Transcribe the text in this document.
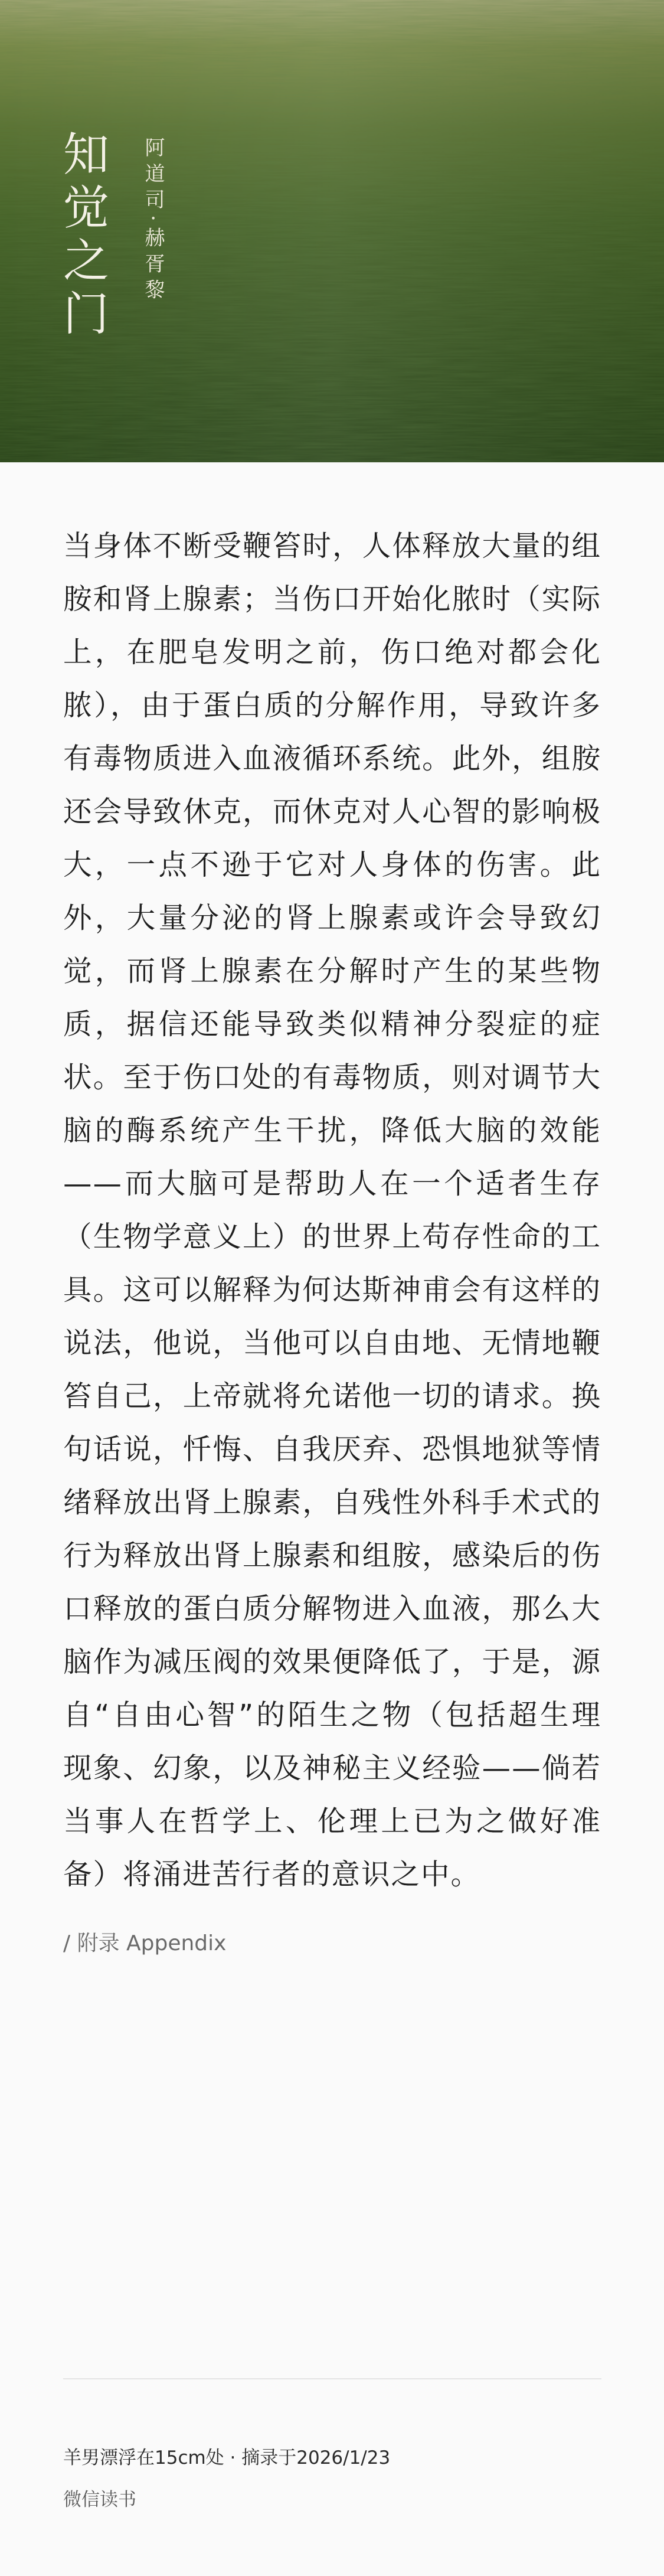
知觉之门 阿道司·赫胥黎

当身体不断受鞭笞时，人体释放大量的组胺和肾上腺素；当伤口开始化脓时（实际上，在肥皂发明之前，伤口绝对都会化脓），由于蛋白质的分解作用，导致许多有毒物质进入血液循环系统。此外，组胺还会导致休克，而休克对人心智的影响极大，一点不逊于它对人身体的伤害。此外，大量分泌的肾上腺素或许会导致幻觉，而肾上腺素在分解时产生的某些物质，据信还能导致类似精神分裂症的症状。至于伤口处的有毒物质，则对调节大脑的酶系统产生干扰，降低大脑的效能——而大脑可是帮助人在一个适者生存（生物学意义上）的世界上苟存性命的工具。这可以解释为何达斯神甫会有这样的说法，他说，当他可以自由地、无情地鞭笞自己，上帝就将允诺他一切的请求。换句话说，忏悔、自我厌弃、恐惧地狱等情绪释放出肾上腺素，自残性外科手术式的行为释放出肾上腺素和组胺，感染后的伤口释放的蛋白质分解物进入血液，那么大脑作为减压阀的效果便降低了，于是，源自“自由心智”的陌生之物（包括超生理现象、幻象，以及神秘主义经验——倘若当事人在哲学上、伦理上已为之做好准备）将涌进苦行者的意识之中。

/ 附录 Appendix
羊男漂浮在15cm处 · 摘录于2026/1/23
微信读书
